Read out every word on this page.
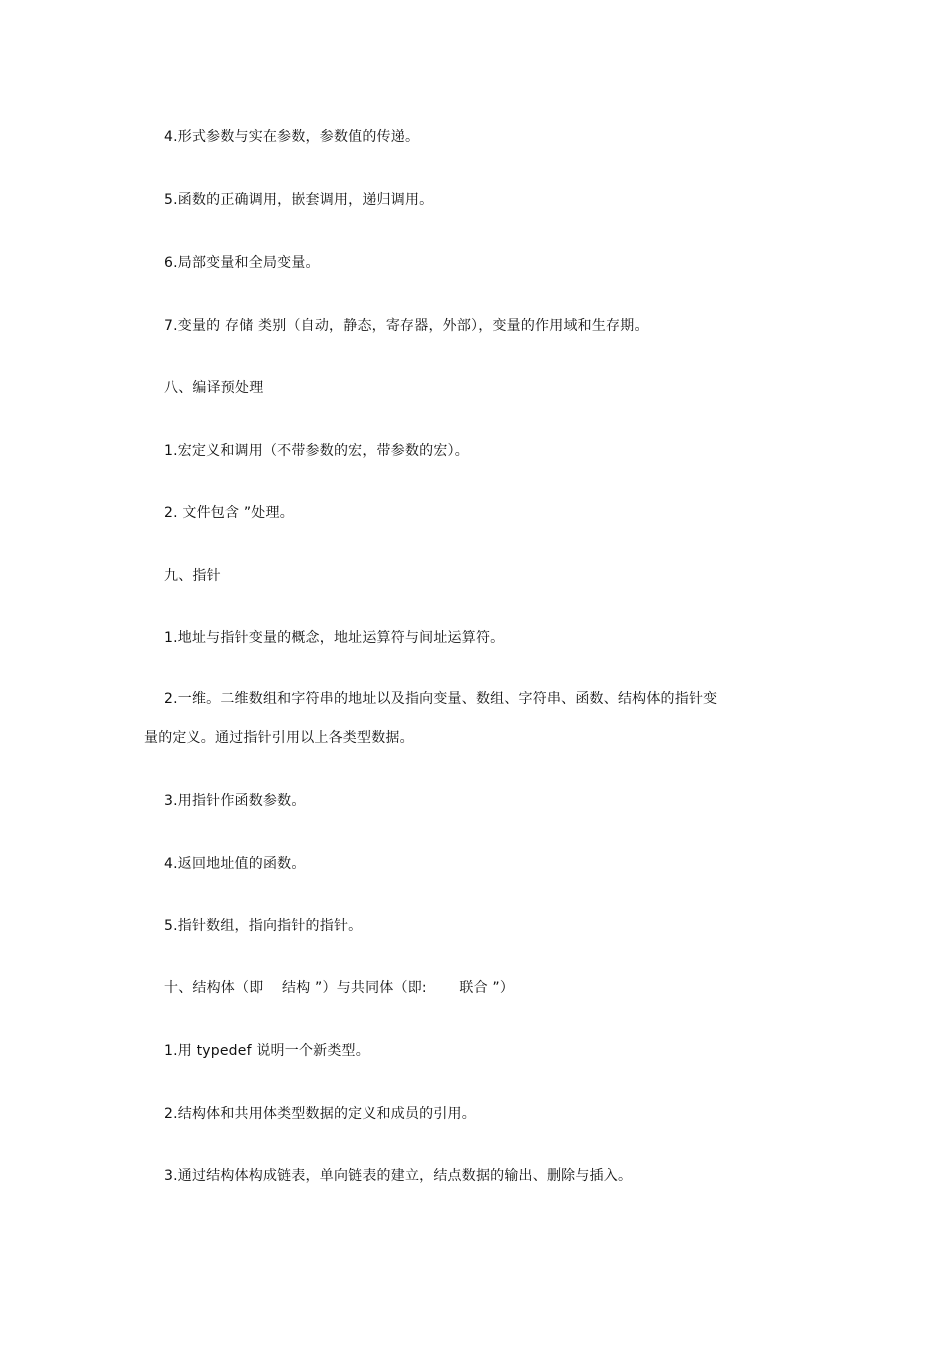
4.形式参数与实在参数，参数值的传递。
5.函数的正确调用，嵌套调用，递归调用。
6.局部变量和全局变量。
7.变量的 存储 类别（自动，静态，寄存器，外部），变量的作用域和生存期。
八、编译预处理
1.宏定义和调用（不带参数的宏，带参数的宏）。
2. 文件包含 ”处理。
九、指针
1.地址与指针变量的概念，地址运算符与间址运算符。
2.一维。二维数组和字符串的地址以及指向变量、数组、字符串、函数、结构体的指针变
量的定义。通过指针引用以上各类型数据。
3.用指针作函数参数。
4.返回地址值的函数。
5.指针数组，指向指针的指针。
十、结构体（即    结构 ”）与共同体（即:       联合 ”）
1.用 typedef 说明一个新类型。
2.结构体和共用体类型数据的定义和成员的引用。
3.通过结构体构成链表，单向链表的建立，结点数据的输出、删除与插入。
